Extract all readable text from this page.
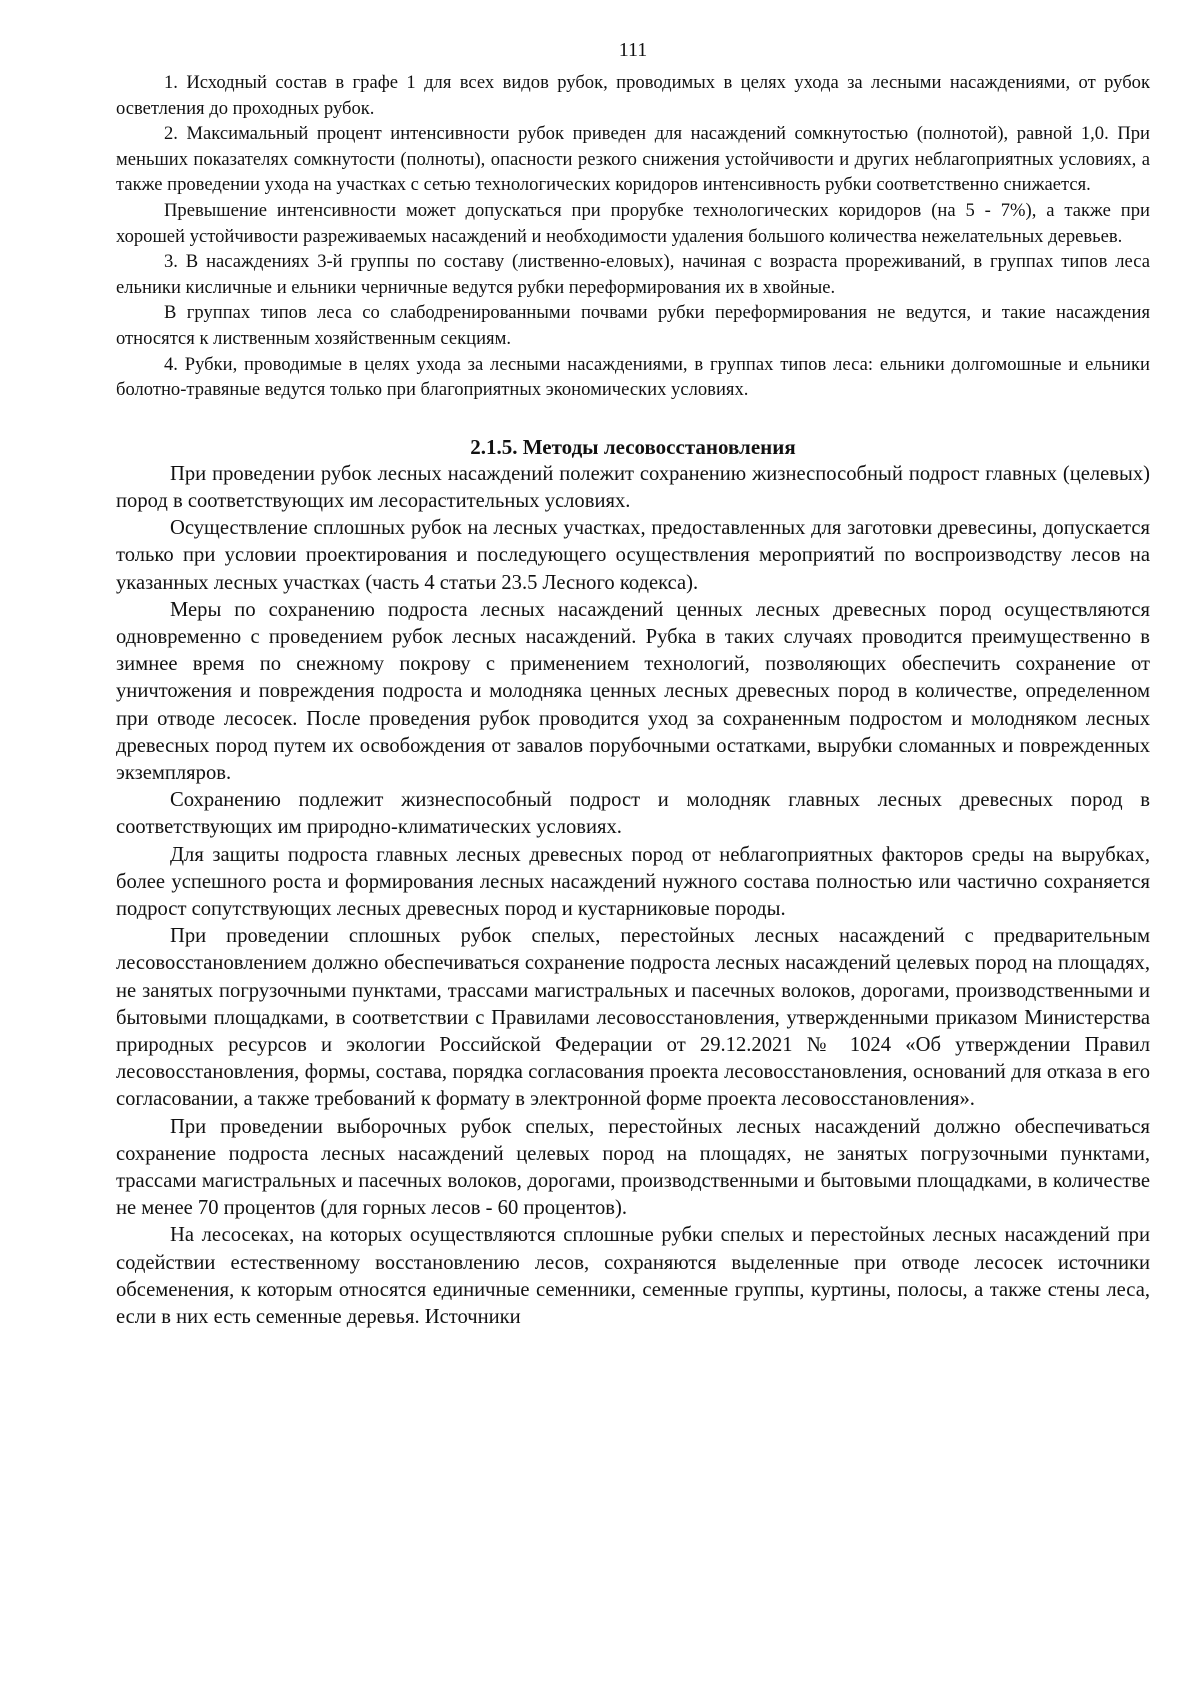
111

1. Исходный состав в графе 1 для всех видов рубок, проводимых в целях ухода за лесными насаждениями, от рубок осветления до проходных рубок.

2. Максимальный процент интенсивности рубок приведен для насаждений сомкнутостью (полнотой), равной 1,0. При меньших показателях сомкнутости (полноты), опасности резкого снижения устойчивости и других неблагоприятных условиях, а также проведении ухода на участках с сетью технологических коридоров интенсивность рубки соответственно снижается.

Превышение интенсивности может допускаться при прорубке технологических коридоров (на 5 - 7%), а также при хорошей устойчивости разреживаемых насаждений и необходимости удаления большого количества нежелательных деревьев.

3. В насаждениях 3-й группы по составу (лиственно-еловых), начиная с возраста прореживаний, в группах типов леса ельники кисличные и ельники черничные ведутся рубки переформирования их в хвойные.

В группах типов леса со слабодренированными почвами рубки переформирования не ведутся, и такие насаждения относятся к лиственным хозяйственным секциям.

4. Рубки, проводимые в целях ухода за лесными насаждениями, в группах типов леса: ельники долгомошные и ельники болотно-травяные ведутся только при благоприятных экономических условиях.

2.1.5. Методы лесовосстановления

При проведении рубок лесных насаждений полежит сохранению жизнеспособный подрост главных (целевых) пород в соответствующих им лесорастительных условиях.

Осуществление сплошных рубок на лесных участках, предоставленных для заготовки древесины, допускается только при условии проектирования и последующего осуществления мероприятий по воспроизводству лесов на указанных лесных участках (часть 4 статьи 23.5 Лесного кодекса).

Меры по сохранению подроста лесных насаждений ценных лесных древесных пород осуществляются одновременно с проведением рубок лесных насаждений. Рубка в таких случаях проводится преимущественно в зимнее время по снежному покрову с применением технологий, позволяющих обеспечить сохранение от уничтожения и повреждения подроста и молодняка ценных лесных древесных пород в количестве, определенном при отводе лесосек. После проведения рубок проводится уход за сохраненным подростом и молодняком лесных древесных пород путем их освобождения от завалов порубочными остатками, вырубки сломанных и поврежденных экземпляров.

Сохранению подлежит жизнеспособный подрост и молодняк главных лесных древесных пород в соответствующих им природно-климатических условиях.

Для защиты подроста главных лесных древесных пород от неблагоприятных факторов среды на вырубках, более успешного роста и формирования лесных насаждений нужного состава полностью или частично сохраняется подрост сопутствующих лесных древесных пород и кустарниковые породы.

При проведении сплошных рубок спелых, перестойных лесных насаждений с предварительным лесовосстановлением должно обеспечиваться сохранение подроста лесных насаждений целевых пород на площадях, не занятых погрузочными пунктами, трассами магистральных и пасечных волоков, дорогами, производственными и бытовыми площадками, в соответствии с Правилами лесовосстановления, утвержденными приказом Министерства природных ресурсов и экологии Российской Федерации от 29.12.2021 № 1024 «Об утверждении Правил лесовосстановления, формы, состава, порядка согласования проекта лесовосстановления, оснований для отказа в его согласовании, а также требований к формату в электронной форме проекта лесовосстановления».

При проведении выборочных рубок спелых, перестойных лесных насаждений должно обеспечиваться сохранение подроста лесных насаждений целевых пород на площадях, не занятых погрузочными пунктами, трассами магистральных и пасечных волоков, дорогами, производственными и бытовыми площадками, в количестве не менее 70 процентов (для горных лесов - 60 процентов).

На лесосеках, на которых осуществляются сплошные рубки спелых и перестойных лесных насаждений при содействии естественному восстановлению лесов, сохраняются выделенные при отводе лесосек источники обсеменения, к которым относятся единичные семенники, семенные группы, куртины, полосы, а также стены леса, если в них есть семенные деревья. Источники
